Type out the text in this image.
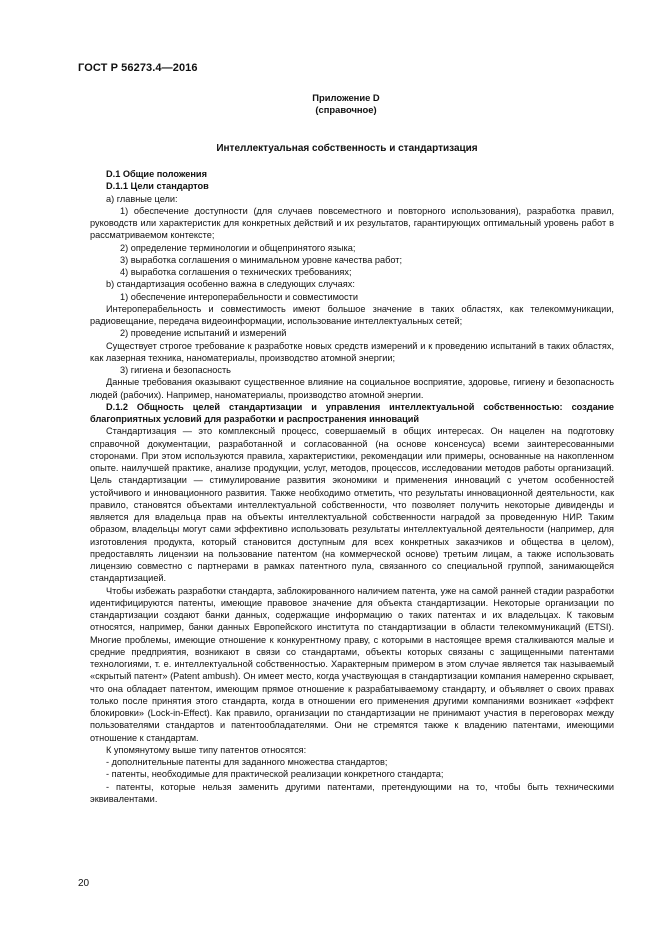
ГОСТ Р 56273.4—2016
Приложение D
(справочное)
Интеллектуальная собственность и стандартизация

D.1 Общие положения

D.1.1 Цели стандартов

a) главные цели:

1) обеспечение доступности (для случаев повсеместного и повторного использования), разработка правил, руководств или характеристик для конкретных действий и их результатов, гарантирующих оптимальный уровень работ в рассматриваемом контексте;

2) определение терминологии и общепринятого языка;

3) выработка соглашения о минимальном уровне качества работ;

4) выработка соглашения о технических требованиях;

b) стандартизация особенно важна в следующих случаях:

1) обеспечение интероперабельности и совместимости

Интероперабельность и совместимость имеют большое значение в таких областях, как телекоммуникации, радиовещание, передача видеоинформации, использование интеллектуальных сетей;

2) проведение испытаний и измерений

Существует строгое требование к разработке новых средств измерений и к проведению испытаний в таких областях, как лазерная техника, наноматериалы, производство атомной энергии;

3) гигиена и безопасность

Данные требования оказывают существенное влияние на социальное восприятие, здоровье, гигиену и безопасность людей (рабочих). Например, наноматериалы, производство атомной энергии.

D.1.2 Общность целей стандартизации и управления интеллектуальной собственностью: создание благоприятных условий для разработки и распространения инноваций

Стандартизация — это комплексный процесс, совершаемый в общих интересах. Он нацелен на подготовку справочной документации, разработанной и согласованной (на основе консенсуса) всеми заинтересованными сторонами. При этом используются правила, характеристики, рекомендации или примеры, основанные на накопленном опыте. наилучшей практике, анализе продукции, услуг, методов, процессов, исследовании методов работы организаций. Цель стандартизации — стимулирование развития экономики и применения инноваций с учетом особенностей устойчивого и инновационного развития. Также необходимо отметить, что результаты инновационной деятельности, как правило, становятся объектами интеллектуальной собственности, что позволяет получить некоторые дивиденды и является для владельца прав на объекты интеллектуальной собственности наградой за проведенную НИР. Таким образом, владельцы могут сами эффективно использовать результаты интеллектуальной деятельности (например, для изготовления продукта, который становится доступным для всех конкретных заказчиков и общества в целом), предоставлять лицензии на пользование патентом (на коммерческой основе) третьим лицам, а также использовать лицензию совместно с партнерами в рамках патентного пула, связанного со специальной группой, занимающейся стандартизацией.

Чтобы избежать разработки стандарта, заблокированного наличием патента, уже на самой ранней стадии разработки идентифицируются патенты, имеющие правовое значение для объекта стандартизации. Некоторые организации по стандартизации создают банки данных, содержащие информацию о таких патентах и их владельцах. К таковым относятся, например, банки данных Европейского института по стандартизации в области телекоммуникаций (ETSI). Многие проблемы, имеющие отношение к конкурентному праву, с которыми в настоящее время сталкиваются малые и средние предприятия, возникают в связи со стандартами, объекты которых связаны с защищенными патентами технологиями, т. е. интеллектуальной собственностью. Характерным примером в этом случае является так называемый «скрытый патент» (Patent ambush). Он имеет место, когда участвующая в стандартизации компания намеренно скрывает, что она обладает патентом, имеющим прямое отношение к разрабатываемому стандарту, и объявляет о своих правах только после принятия этого стандарта, когда в отношении его применения другими компаниями возникает «эффект блокировки» (Lock-in-Effect). Как правило, организации по стандартизации не принимают участия в переговорах между пользователями стандартов и патентообладателями. Они не стремятся также к владению патентами, имеющими отношение к стандартам.

К упомянутому выше типу патентов относятся:

- дополнительные патенты для заданного множества стандартов;

- патенты, необходимые для практической реализации конкретного стандарта;

- патенты, которые нельзя заменить другими патентами, претендующими на то, чтобы быть техническими эквивалентами.

20
